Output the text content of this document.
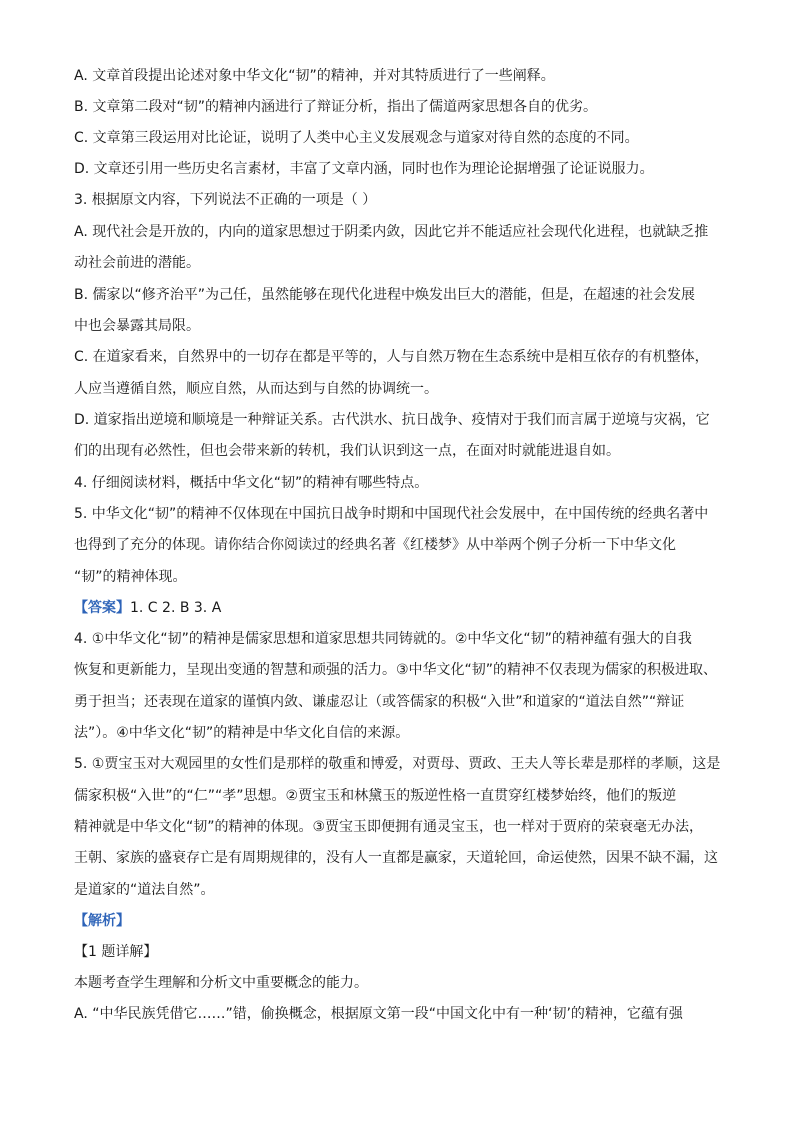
A. 文章首段提出论述对象中华文化“韧”的精神，并对其特质进行了一些阐释。
B. 文章第二段对“韧”的精神内涵进行了辩证分析，指出了儒道两家思想各自的优劣。
C. 文章第三段运用对比论证，说明了人类中心主义发展观念与道家对待自然的态度的不同。
D. 文章还引用一些历史名言素材，丰富了文章内涵，同时也作为理论论据增强了论证说服力。
3. 根据原文内容，下列说法不正确的一项是（ ）
A. 现代社会是开放的，内向的道家思想过于阴柔内敛，因此它并不能适应社会现代化进程，也就缺乏推
动社会前进的潜能。
B. 儒家以“修齐治平”为己任，虽然能够在现代化进程中焕发出巨大的潜能，但是，在超速的社会发展
中也会暴露其局限。
C. 在道家看来，自然界中的一切存在都是平等的，人与自然万物在生态系统中是相互依存的有机整体，
人应当遵循自然，顺应自然，从而达到与自然的协调统一。
D. 道家指出逆境和顺境是一种辩证关系。古代洪水、抗日战争、疫情对于我们而言属于逆境与灾祸，它
们的出现有必然性，但也会带来新的转机，我们认识到这一点，在面对时就能进退自如。
4. 仔细阅读材料，概括中华文化“韧”的精神有哪些特点。
5. 中华文化“韧”的精神不仅体现在中国抗日战争时期和中国现代社会发展中，在中国传统的经典名著中
也得到了充分的体现。请你结合你阅读过的经典名著《红楼梦》从中举两个例子分析一下中华文化
“韧”的精神体现。
【答案】1. C 2. B 3. A
4. ①中华文化“韧”的精神是儒家思想和道家思想共同铸就的。②中华文化“韧”的精神蕴有强大的自我
恢复和更新能力，呈现出变通的智慧和顽强的活力。③中华文化“韧”的精神不仅表现为儒家的积极进取、
勇于担当；还表现在道家的谨慎内敛、谦虚忍让（或答儒家的积极“入世”和道家的“道法自然”“辩证
法”）。④中华文化“韧”的精神是中华文化自信的来源。
5. ①贾宝玉对大观园里的女性们是那样的敬重和博爱，对贾母、贾政、王夫人等长辈是那样的孝顺，这是
儒家积极“入世”的“仁”“孝”思想。②贾宝玉和林黛玉的叛逆性格一直贯穿红楼梦始终，他们的叛逆
精神就是中华文化“韧”的精神的体现。③贾宝玉即便拥有通灵宝玉，也一样对于贾府的荣衰毫无办法，
王朝、家族的盛衰存亡是有周期规律的，没有人一直都是赢家，天道轮回，命运使然，因果不缺不漏，这
是道家的“道法自然”。
【解析】
【1 题详解】
本题考查学生理解和分析文中重要概念的能力。
A. “中华民族凭借它……”错，偷换概念，根据原文第一段“中国文化中有一种‘韧’的精神，它蕴有强
